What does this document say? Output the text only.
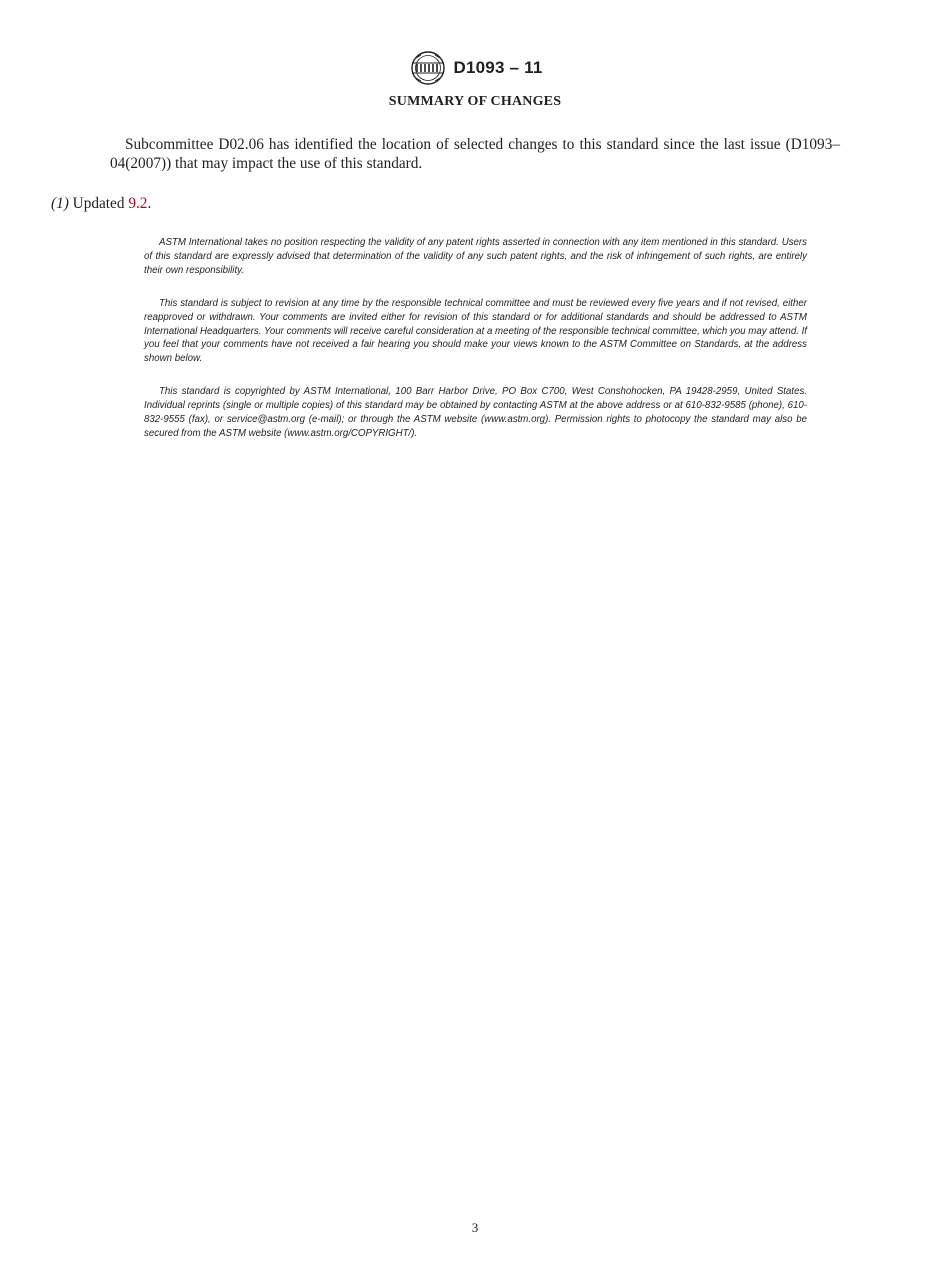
D1093 – 11
SUMMARY OF CHANGES

Subcommittee D02.06 has identified the location of selected changes to this standard since the last issue (D1093–04(2007)) that may impact the use of this standard.

(1) Updated 9.2.

ASTM International takes no position respecting the validity of any patent rights asserted in connection with any item mentioned in this standard. Users of this standard are expressly advised that determination of the validity of any such patent rights, and the risk of infringement of such rights, are entirely their own responsibility.

This standard is subject to revision at any time by the responsible technical committee and must be reviewed every five years and if not revised, either reapproved or withdrawn. Your comments are invited either for revision of this standard or for additional standards and should be addressed to ASTM International Headquarters. Your comments will receive careful consideration at a meeting of the responsible technical committee, which you may attend. If you feel that your comments have not received a fair hearing you should make your views known to the ASTM Committee on Standards, at the address shown below.

This standard is copyrighted by ASTM International, 100 Barr Harbor Drive, PO Box C700, West Conshohocken, PA 19428-2959, United States. Individual reprints (single or multiple copies) of this standard may be obtained by contacting ASTM at the above address or at 610-832-9585 (phone), 610-832-9555 (fax), or service@astm.org (e-mail); or through the ASTM website (www.astm.org). Permission rights to photocopy the standard may also be secured from the ASTM website (www.astm.org/COPYRIGHT/).

3
